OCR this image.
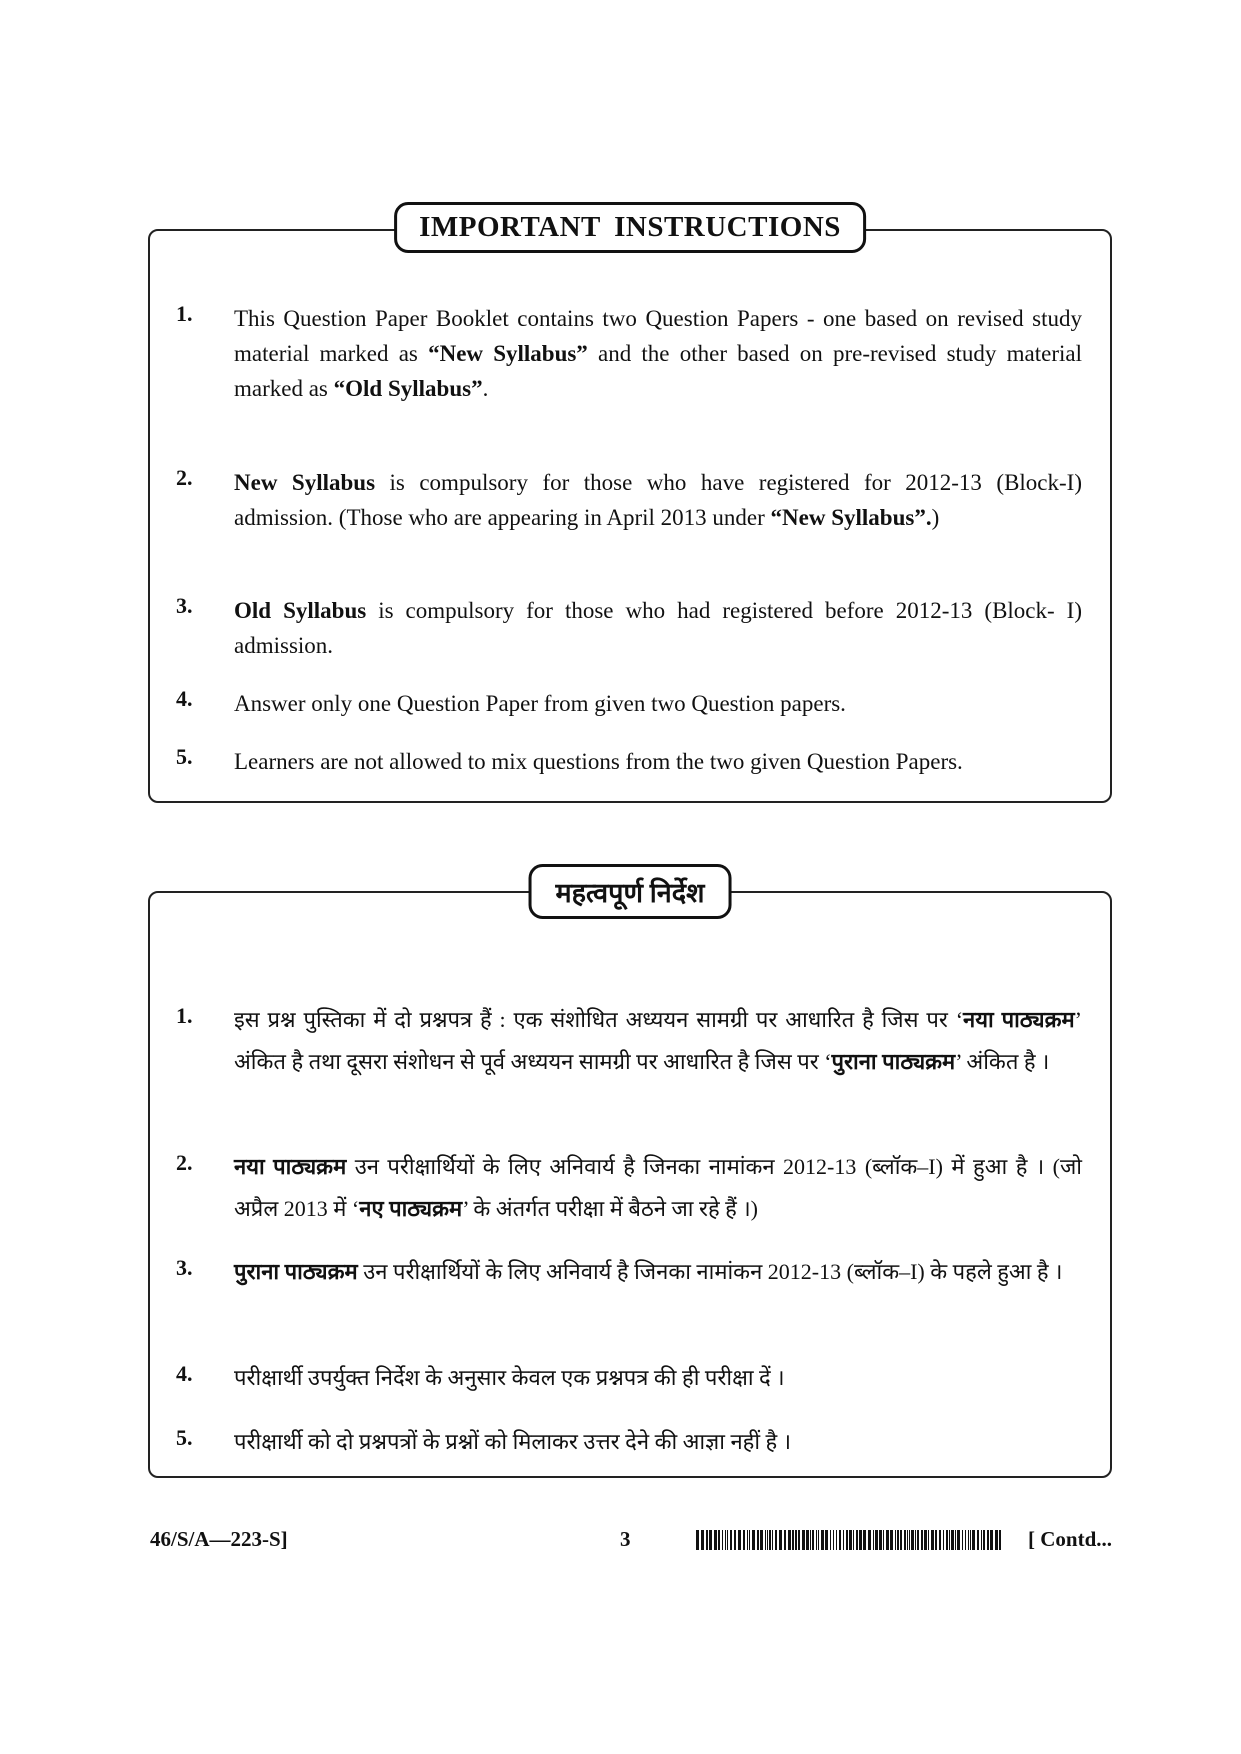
IMPORTANT INSTRUCTIONS
1. This Question Paper Booklet contains two Question Papers - one based on revised study material marked as “New Syllabus” and the other based on pre-revised study material marked as “Old Syllabus”.
2. New Syllabus is compulsory for those who have registered for 2012-13 (Block-I) admission. (Those who are appearing in April 2013 under “New Syllabus”.)
3. Old Syllabus is compulsory for those who had registered before 2012-13 (Block- I) admission.
4. Answer only one Question Paper from given two Question papers.
5. Learners are not allowed to mix questions from the two given Question Papers.
महत्वपूर्ण निर्देश
1. इस प्रश्न पुस्तिका में दो प्रश्नपत्र हैं : एक संशोधित अध्ययन सामग्री पर आधारित है जिस पर ‘नया पाठ्यक्रम’ अंकित है तथा दूसरा संशोधन से पूर्व अध्ययन सामग्री पर आधारित है जिस पर ‘पुराना पाठ्यक्रम’ अंकित है ।
2. नया पाठ्यक्रम उन परीक्षार्थियों के लिए अनिवार्य है जिनका नामांकन 2012-13 (ब्लॉक–I) में हुआ है । (जो अप्रैल 2013 में ‘नए पाठ्यक्रम’ के अंतर्गत परीक्षा में बैठने जा रहे हैं ।)
3. पुराना पाठ्यक्रम उन परीक्षार्थियों के लिए अनिवार्य है जिनका नामांकन 2012-13 (ब्लॉक–I) के पहले हुआ है ।
4. परीक्षार्थी उपर्युक्त निर्देश के अनुसार केवल एक प्रश्नपत्र की ही परीक्षा दें ।
5. परीक्षार्थी को दो प्रश्नपत्रों के प्रश्नों को मिलाकर उत्तर देने की आज्ञा नहीं है ।
46/S/A—223-S]	3	[ Contd...
